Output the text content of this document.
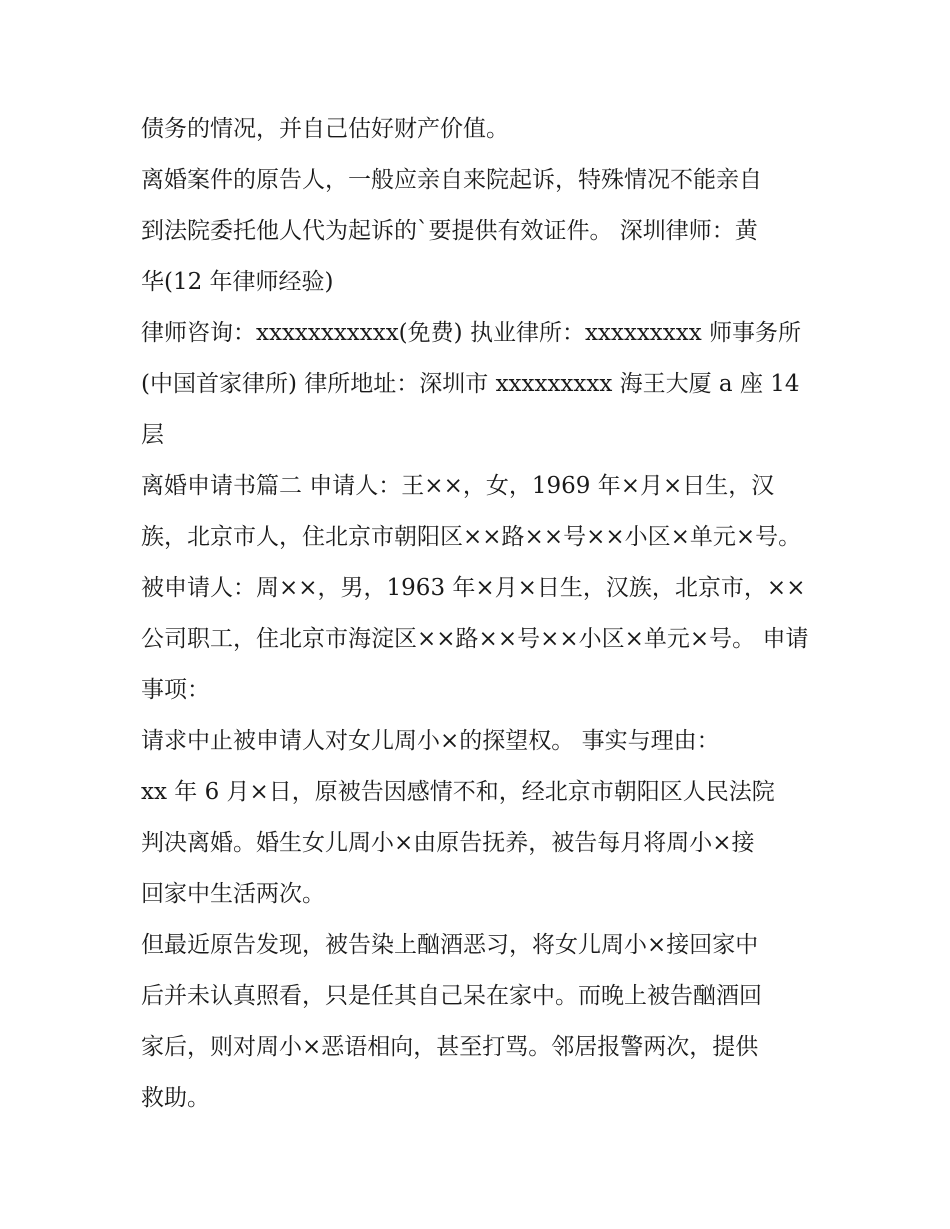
债务的情况，并自己估好财产价值。
离婚案件的原告人，一般应亲自来院起诉，特殊情况不能亲自
到法院委托他人代为起诉的`要提供有效证件。 深圳律师：黄
华(12 年律师经验)
律师咨询：xxxxxxxxxxx(免费) 执业律所：xxxxxxxxx 师事务所
(中国首家律所) 律所地址：深圳市 xxxxxxxxx 海王大厦 a 座 14
层
离婚申请书篇二 申请人：王××，女，1969 年×月×日生，汉
族，北京市人，住北京市朝阳区××路××号××小区×单元×号。
被申请人：周××，男，1963 年×月×日生，汉族，北京市，××
公司职工，住北京市海淀区××路××号××小区×单元×号。 申请
事项：
请求中止被申请人对女儿周小×的探望权。 事实与理由：
xx 年 6 月×日，原被告因感情不和，经北京市朝阳区人民法院
判决离婚。婚生女儿周小×由原告抚养，被告每月将周小×接
回家中生活两次。
但最近原告发现，被告染上酗酒恶习，将女儿周小×接回家中
后并未认真照看，只是任其自己呆在家中。而晚上被告酗酒回
家后，则对周小×恶语相向，甚至打骂。邻居报警两次，提供
救助。
